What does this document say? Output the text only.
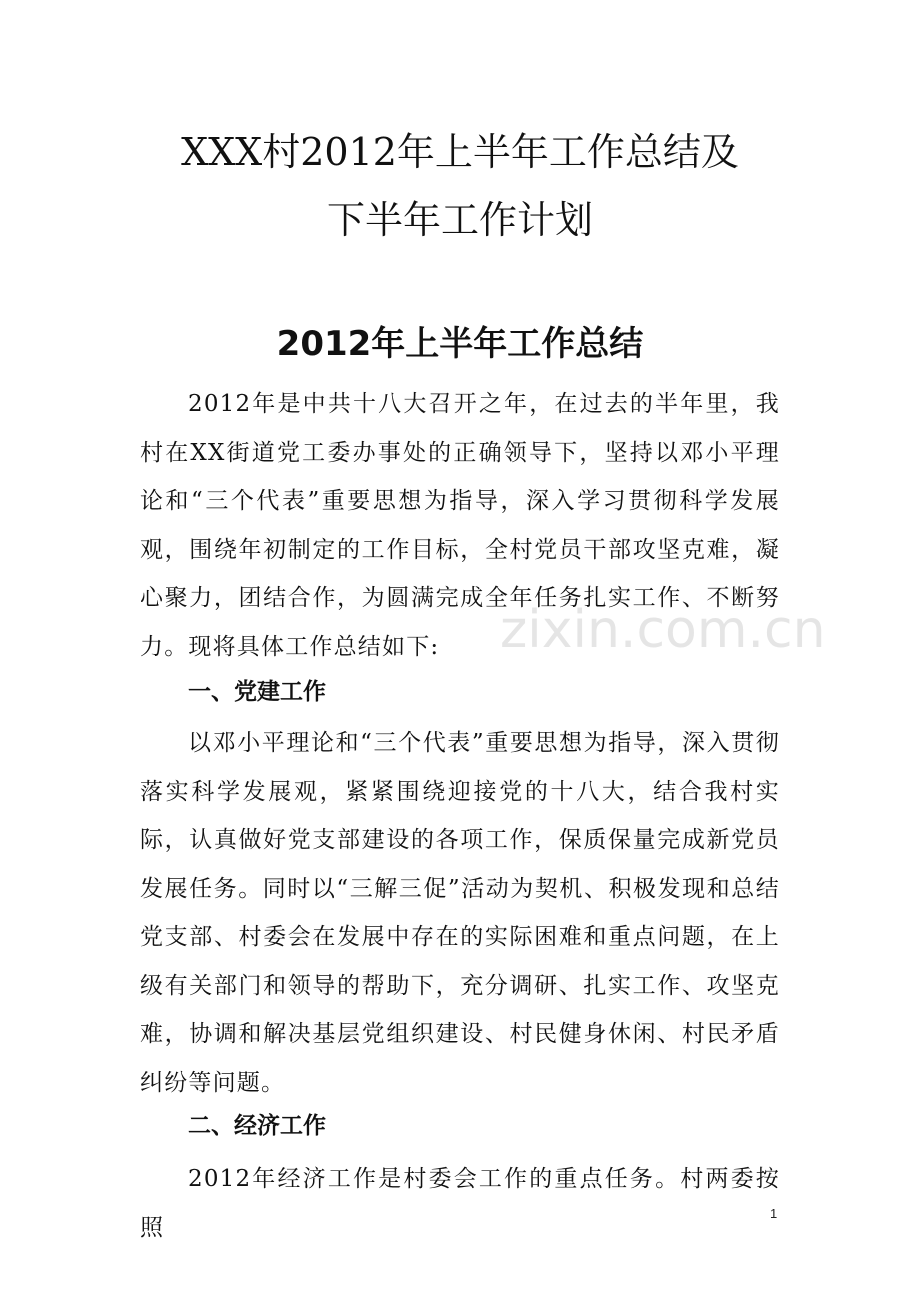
XXX村2012年上半年工作总结及
下半年工作计划
2012年上半年工作总结

2012年是中共十八大召开之年，在过去的半年里，我村在XX街道党工委办事处的正确领导下，坚持以邓小平理论和“三个代表”重要思想为指导，深入学习贯彻科学发展观，围绕年初制定的工作目标，全村党员干部攻坚克难，凝心聚力，团结合作，为圆满完成全年任务扎实工作、不断努力。现将具体工作总结如下:

一、党建工作

以邓小平理论和“三个代表”重要思想为指导，深入贯彻落实科学发展观，紧紧围绕迎接党的十八大，结合我村实际，认真做好党支部建设的各项工作，保质保量完成新党员发展任务。同时以“三解三促”活动为契机、积极发现和总结党支部、村委会在发展中存在的实际困难和重点问题，在上级有关部门和领导的帮助下，充分调研、扎实工作、攻坚克难，协调和解决基层党组织建设、村民健身休闲、村民矛盾纠纷等问题。

二、经济工作

2012年经济工作是村委会工作的重点任务。村两委按照

zixin.com.cn
1
